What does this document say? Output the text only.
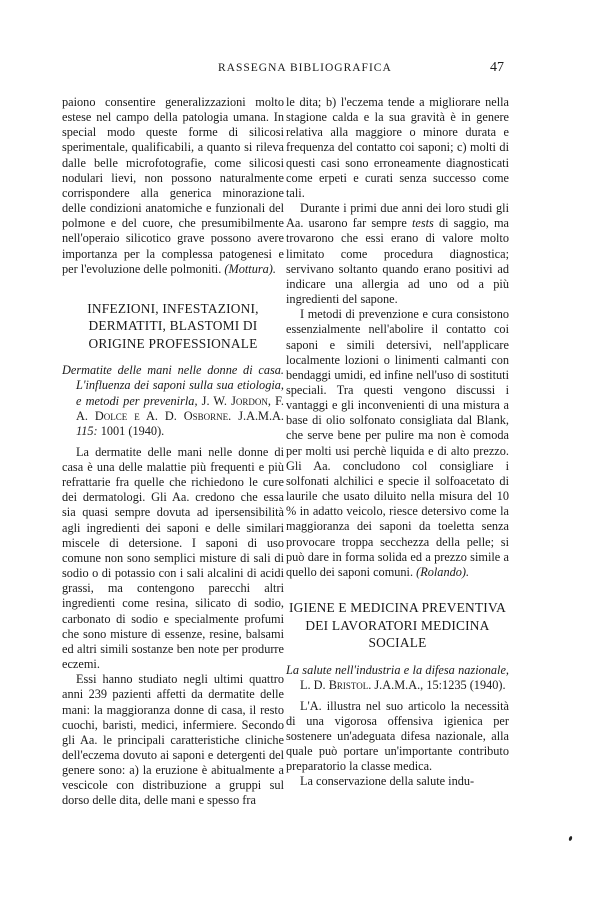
RASSEGNA BIBLIOGRAFICA	47

paiono consentire generalizzazioni molto estese nel campo della patologia umana. In special modo queste forme di silicosi sperimentale, qualificabili, a quanto si rileva dalle belle microfotografie, come silicosi nodulari lievi, non possono naturalmente corrispondere alla generica minorazione delle condizioni anatomiche e funzionali del polmone e del cuore, che presumibilmente nell'operaio silicotico grave possono avere importanza per la complessa patogenesi e per l'evoluzione delle polmoniti. (Mottura).

INFEZIONI, INFESTAZIONI, DERMATITI, BLASTOMI DI ORIGINE PROFESSIONALE
Dermatite delle mani nelle donne di casa. L'influenza dei saponi sulla sua etiologia, e metodi per prevenirla, J. W. Jordon, F. A. Dolce e A. D. Osborne. J.A.M.A. 115: 1001 (1940).

La dermatite delle mani nelle donne di casa è una delle malattie più frequenti e più refrattarie fra quelle che richiedono le cure dei dermatologi. Gli Aa. credono che essa sia quasi sempre dovuta ad ipersensibilità agli ingredienti dei saponi e delle similari miscele di detersione. I saponi di uso comune non sono semplici misture di sali di sodio o di potassio con i sali alcalini di acidi grassi, ma contengono parecchi altri ingredienti come resina, silicato di sodio, carbonato di sodio e specialmente profumi che sono misture di essenze, resine, balsami ed altri simili sostanze ben note per produrre eczemi.

Essi hanno studiato negli ultimi quattro anni 239 pazienti affetti da dermatite delle mani: la maggioranza donne di casa, il resto cuochi, baristi, medici, infermiere. Secondo gli Aa. le principali caratteristiche cliniche dell'eczema dovuto ai saponi e detergenti del genere sono: a) la eruzione è abitualmente a vescicole con distribuzione a gruppi sul dorso delle dita, delle mani e spesso fra

le dita; b) l'eczema tende a migliorare nella stagione calda e la sua gravità è in genere relativa alla maggiore o minore durata e frequenza del contatto coi saponi; c) molti di questi casi sono erroneamente diagnosticati come erpeti e curati senza successo come tali.

Durante i primi due anni dei loro studi gli Aa. usarono far sempre tests di saggio, ma trovarono che essi erano di valore molto limitato come procedura diagnostica; servivano soltanto quando erano positivi ad indicare una allergia ad uno od a più ingredienti del sapone.

I metodi di prevenzione e cura consistono essenzialmente nell'abolire il contatto coi saponi e simili detersivi, nell'applicare localmente lozioni o linimenti calmanti con bendaggi umidi, ed infine nell'uso di sostituti speciali. Tra questi vengono discussi i vantaggi e gli inconvenienti di una mistura a base di olio solfonato consigliata dal Blank, che serve bene per pulire ma non è comoda per molti usi perchè liquida e di alto prezzo. Gli Aa. concludono col consigliare i solfonati alchilici e specie il solfoacetato di laurile che usato diluito nella misura del 10 % in adatto veicolo, riesce detersivo come la maggioranza dei saponi da toeletta senza provocare troppa secchezza della pelle; si può dare in forma solida ed a prezzo simile a quello dei saponi comuni. (Rolando).

IGIENE E MEDICINA PREVENTIVA DEI LAVORATORI MEDICINA SOCIALE
La salute nell'industria e la difesa nazionale, L. D. Bristol. J.A.M.A., 15:1235 (1940).

L'A. illustra nel suo articolo la necessità di una vigorosa offensiva igienica per sostenere un'adeguata difesa nazionale, alla quale può portare un'importante contributo preparatorio la classe medica.

La conservazione della salute indu-
